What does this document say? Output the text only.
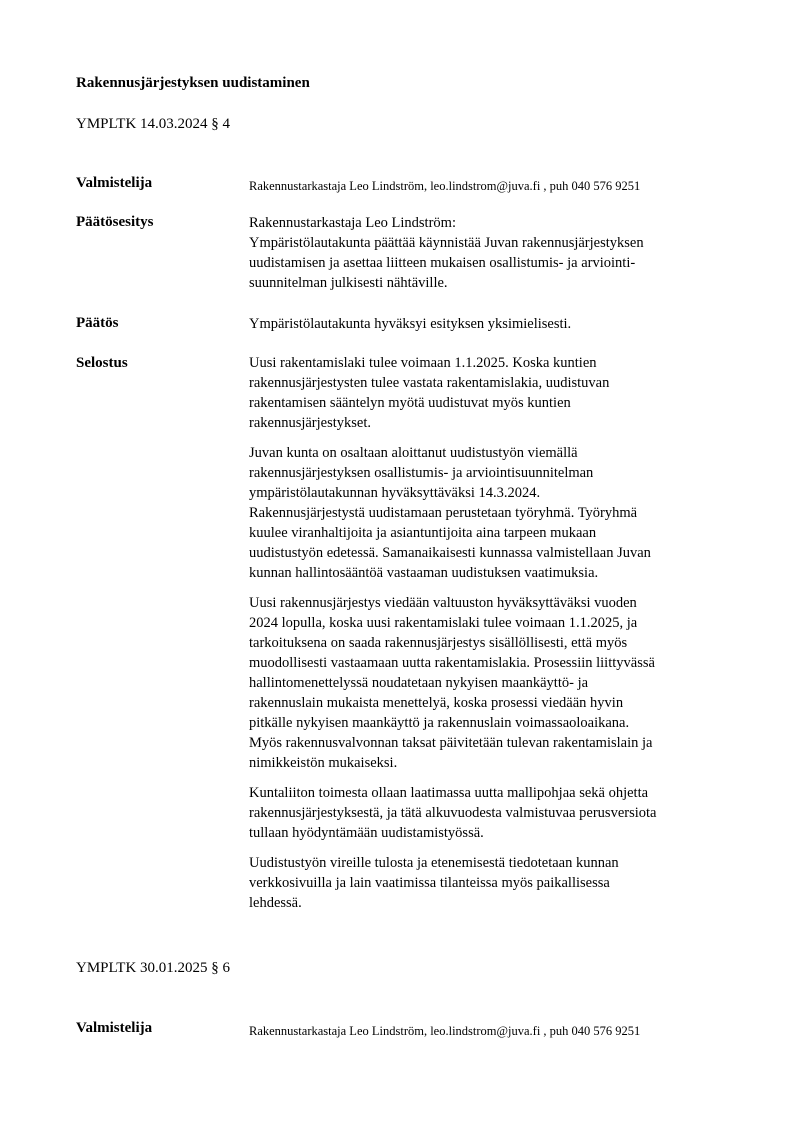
Rakennusjärjestyksen uudistaminen
YMPLTK 14.03.2024 § 4
Valmistelija	Rakennustarkastaja Leo Lindström, leo.lindstrom@juva.fi , puh 040 576 9251
Päätösesitys	Rakennustarkastaja Leo Lindström:
Ympäristölautakunta päättää käynnistää Juvan rakennusjärjestyksen
uudistamisen ja asettaa liitteen mukaisen osallistumis- ja arviointi-
suunnitelman julkisesti nähtäville.
Päätös	Ympäristölautakunta hyväksyi esityksen yksimielisesti.
Selostus	Uusi rakentamislaki tulee voimaan 1.1.2025. Koska kuntien
rakennusjärjestysten tulee vastata rakentamislakia, uudistuvan
rakentamisen sääntelyn myötä uudistuvat myös kuntien
rakennusjärjestykset.
Juvan kunta on osaltaan aloittanut uudistustyön viemällä
rakennusjärjestyksen osallistumis- ja arviointisuunnitelman
ympäristölautakunnan hyväksyttäväksi 14.3.2024.
Rakennusjärjestystä uudistamaan perustetaan työryhmä. Työryhmä
kuulee viranhaltijoita ja asiantuntijoita aina tarpeen mukaan
uudistustyön edetessä. Samanaikaisesti kunnassa valmistellaan Juvan
kunnan hallintosääntöä vastaaman uudistuksen vaatimuksia.
Uusi rakennusjärjestys viedään valtuuston hyväksyttäväksi vuoden
2024 lopulla, koska uusi rakentamislaki tulee voimaan 1.1.2025, ja
tarkoituksena on saada rakennusjärjestys sisällöllisesti, että myös
muodollisesti vastaamaan uutta rakentamislakia. Prosessiin liittyvässä
hallintomenettelyssä noudatetaan nykyisen maankäyttö- ja
rakennuslain mukaista menettelyä, koska prosessi viedään hyvin
pitkälle nykyisen maankäyttö ja rakennuslain voimassaoloaikana.
Myös rakennusvalvonnan taksat päivitetään tulevan rakentamislain ja
nimikkeistön mukaiseksi.
Kuntaliiton toimesta ollaan laatimassa uutta mallipohjaa sekä ohjetta
rakennusjärjestyksestä, ja tätä alkuvuodesta valmistuvaa perusversiota
tullaan hyödyntämään uudistamistyössä.
Uudistustyön vireille tulosta ja etenemisestä tiedotetaan kunnan
verkkosivuilla ja lain vaatimissa tilanteissa myös paikallisessa
lehdessä.
YMPLTK 30.01.2025 § 6
Valmistelija	Rakennustarkastaja Leo Lindström, leo.lindstrom@juva.fi , puh 040 576 9251
